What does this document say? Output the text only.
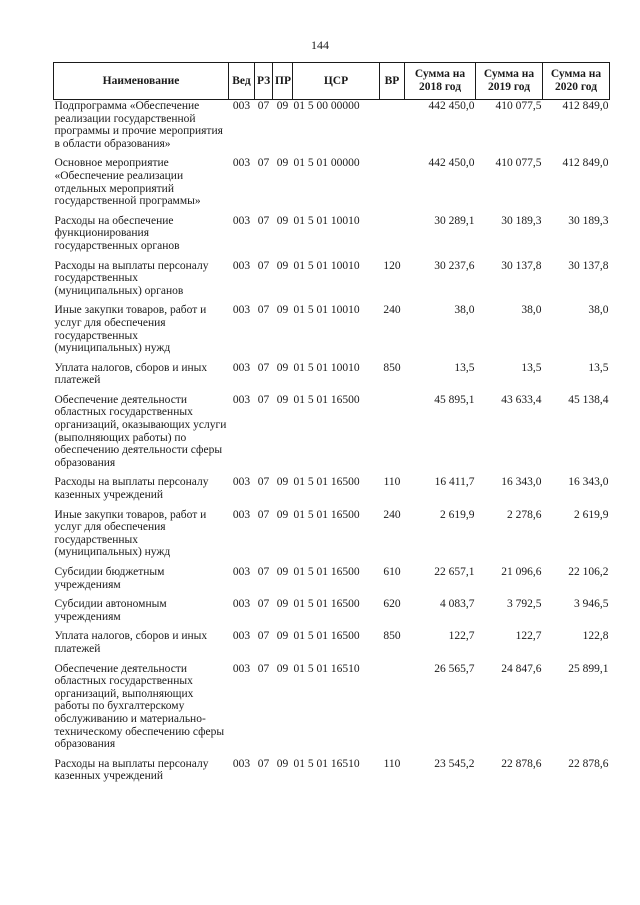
144
Наименование	Вед	РЗ	ПР	ЦСР	ВР	Сумма на 2018 год	Сумма на 2019 год	Сумма на 2020 год
Подпрограмма «Обеспечение реализации государственной программы и прочие мероприятия в области образования»	003	07	09	01 5 00 00000		442 450,0	410 077,5	412 849,0
Основное мероприятие «Обеспечение реализации отдельных мероприятий государственной программы»	003	07	09	01 5 01 00000		442 450,0	410 077,5	412 849,0
Расходы на обеспечение функционирования государственных органов	003	07	09	01 5 01 10010		30 289,1	30 189,3	30 189,3
Расходы на выплаты персоналу государственных (муниципальных) органов	003	07	09	01 5 01 10010	120	30 237,6	30 137,8	30 137,8
Иные закупки товаров, работ и услуг для обеспечения государственных (муниципальных) нужд	003	07	09	01 5 01 10010	240	38,0	38,0	38,0
Уплата налогов, сборов и иных платежей	003	07	09	01 5 01 10010	850	13,5	13,5	13,5
Обеспечение деятельности областных государственных организаций, оказывающих услуги (выполняющих работы) по обеспечению деятельности сферы образования	003	07	09	01 5 01 16500		45 895,1	43 633,4	45 138,4
Расходы на выплаты персоналу казенных учреждений	003	07	09	01 5 01 16500	110	16 411,7	16 343,0	16 343,0
Иные закупки товаров, работ и услуг для обеспечения государственных (муниципальных) нужд	003	07	09	01 5 01 16500	240	2 619,9	2 278,6	2 619,9
Субсидии бюджетным учреждениям	003	07	09	01 5 01 16500	610	22 657,1	21 096,6	22 106,2
Субсидии автономным учреждениям	003	07	09	01 5 01 16500	620	4 083,7	3 792,5	3 946,5
Уплата налогов, сборов и иных платежей	003	07	09	01 5 01 16500	850	122,7	122,7	122,8
Обеспечение деятельности областных государственных организаций, выполняющих работы по бухгалтерскому обслуживанию и материально-техническому обеспечению сферы образования	003	07	09	01 5 01 16510		26 565,7	24 847,6	25 899,1
Расходы на выплаты персоналу казенных учреждений	003	07	09	01 5 01 16510	110	23 545,2	22 878,6	22 878,6
